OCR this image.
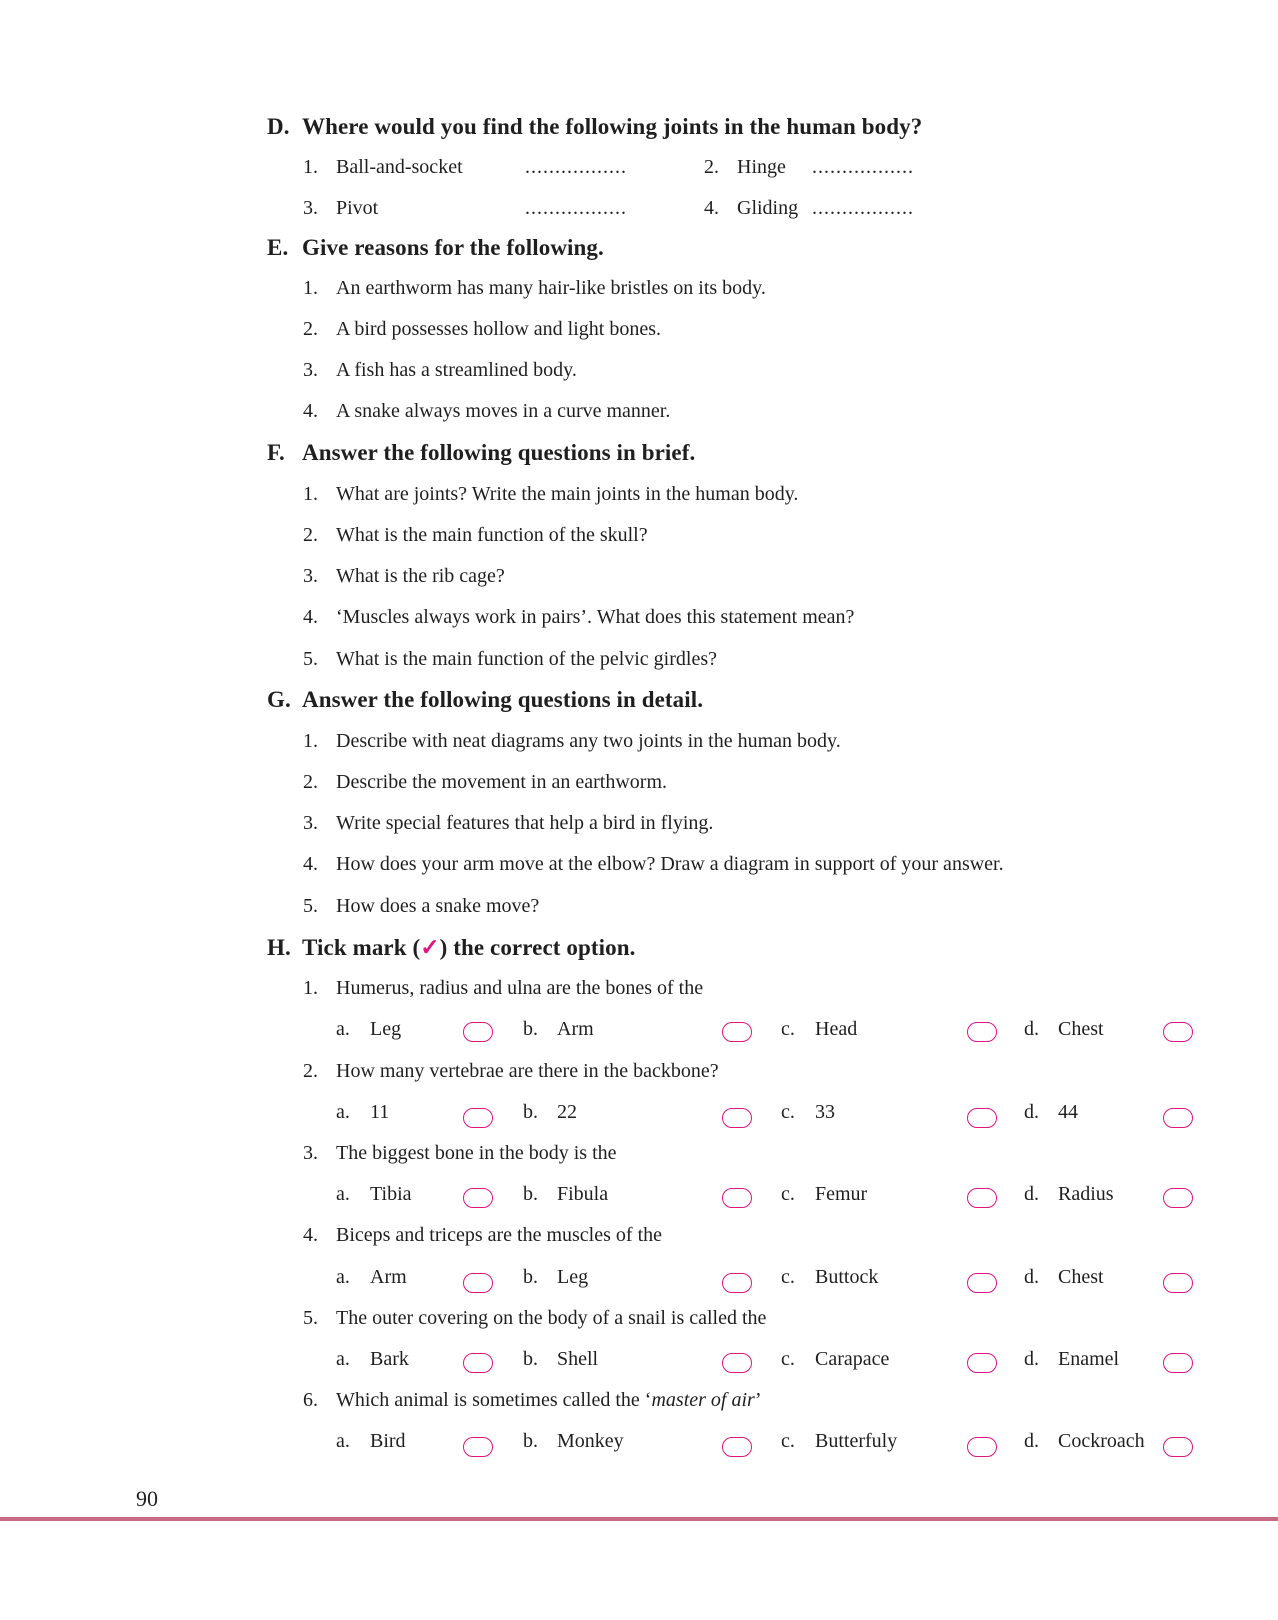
D. Where would you find the following joints in the human body?
1. Ball-and-socket	.................	2. Hinge .................
3. Pivot	.................	4. Gliding .................
E. Give reasons for the following.
1. An earthworm has many hair-like bristles on its body.
2. A bird possesses hollow and light bones.
3. A fish has a streamlined body.
4. A snake always moves in a curve manner.
F. Answer the following questions in brief.
1. What are joints? Write the main joints in the human body.
2. What is the main function of the skull?
3. What is the rib cage?
4. ‘Muscles always work in pairs’. What does this statement mean?
5. What is the main function of the pelvic girdles?
G. Answer the following questions in detail.
1. Describe with neat diagrams any two joints in the human body.
2. Describe the movement in an earthworm.
3. Write special features that help a bird in flying.
4. How does your arm move at the elbow? Draw a diagram in support of your answer.
5. How does a snake move?
H. Tick mark (✓) the correct option.
1. Humerus, radius and ulna are the bones of the
a. Leg	b. Arm	c. Head	d. Chest
2. How many vertebrae are there in the backbone?
a. 11	b. 22	c. 33	d. 44
3. The biggest bone in the body is the
a. Tibia	b. Fibula	c. Femur	d. Radius
4. Biceps and triceps are the muscles of the
a. Arm	b. Leg	c. Buttock	d. Chest
5. The outer covering on the body of a snail is called the
a. Bark	b. Shell	c. Carapace	d. Enamel
6. Which animal is sometimes called the ‘master of air’
a. Bird	b. Monkey	c. Butterfuly	d. Cockroach
90
